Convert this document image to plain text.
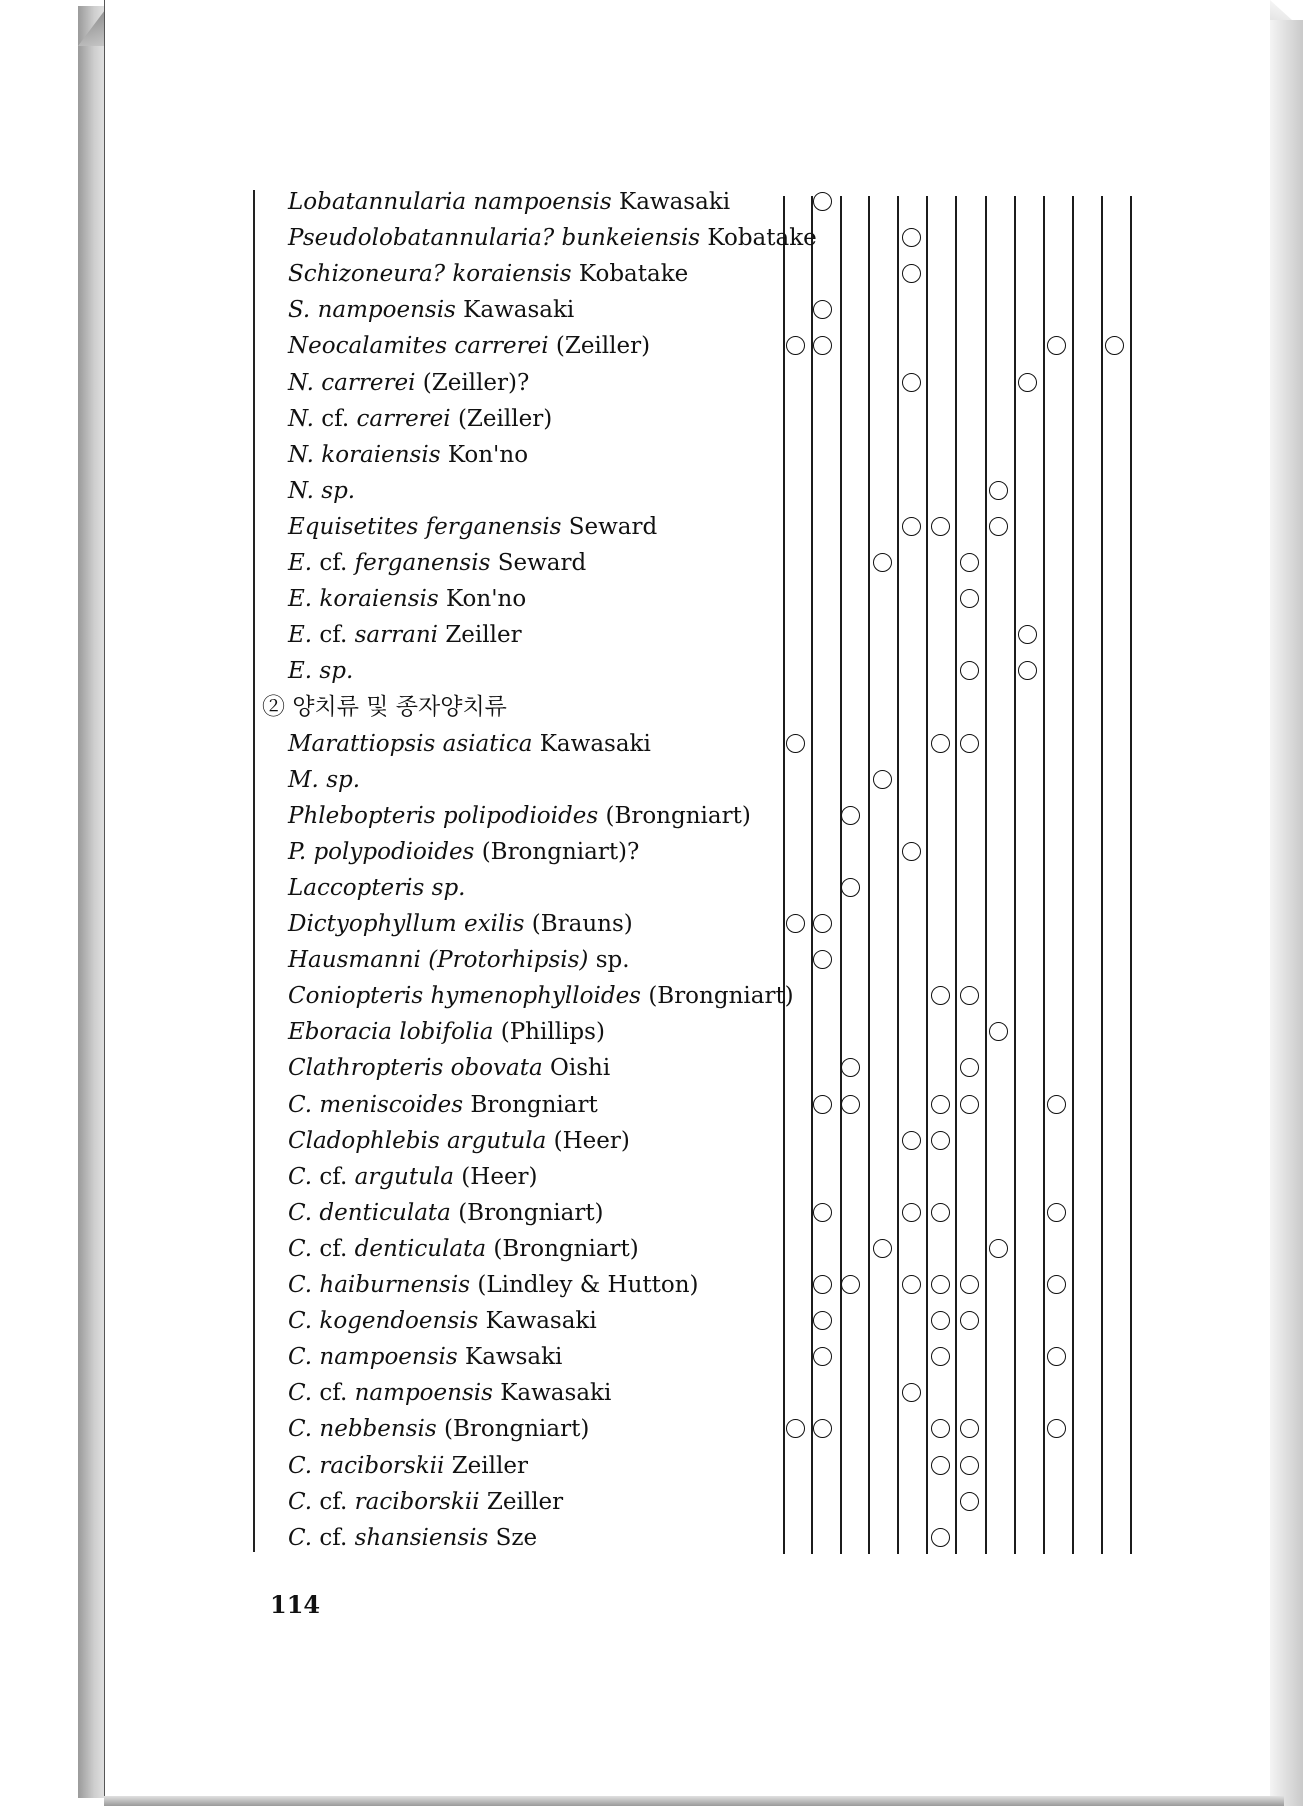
Lobatannularia nampoensis Kawasaki
Pseudolobatannularia? bunkeiensis Kobatake
Schizoneura? koraiensis Kobatake
S. nampoensis Kawasaki
Neocalamites carrerei (Zeiller)
N. carrerei (Zeiller)?
N. cf. carrerei (Zeiller)
N. koraiensis Kon'no
N. sp.
Equisetites ferganensis Seward
E. cf. ferganensis Seward
E. koraiensis Kon'no
E. cf. sarrani Zeiller
E. sp.
② 양치류 및 종자양치류
Marattiopsis asiatica Kawasaki
M. sp.
Phlebopteris polipodioides (Brongniart)
P. polypodioides (Brongniart)?
Laccopteris sp.
Dictyophyllum exilis (Brauns)
Hausmanni (Protorhipsis) sp.
Coniopteris hymenophylloides (Brongniart)
Eboracia lobifolia (Phillips)
Clathropteris obovata Oishi
C. meniscoides Brongniart
Cladophlebis argutula (Heer)
C. cf. argutula (Heer)
C. denticulata (Brongniart)
C. cf. denticulata (Brongniart)
C. haiburnensis (Lindley & Hutton)
C. kogendoensis Kawasaki
C. nampoensis Kawsaki
C. cf. nampoensis Kawasaki
C. nebbensis (Brongniart)
C. raciborskii Zeiller
C. cf. raciborskii Zeiller
C. cf. shansiensis Sze
114
